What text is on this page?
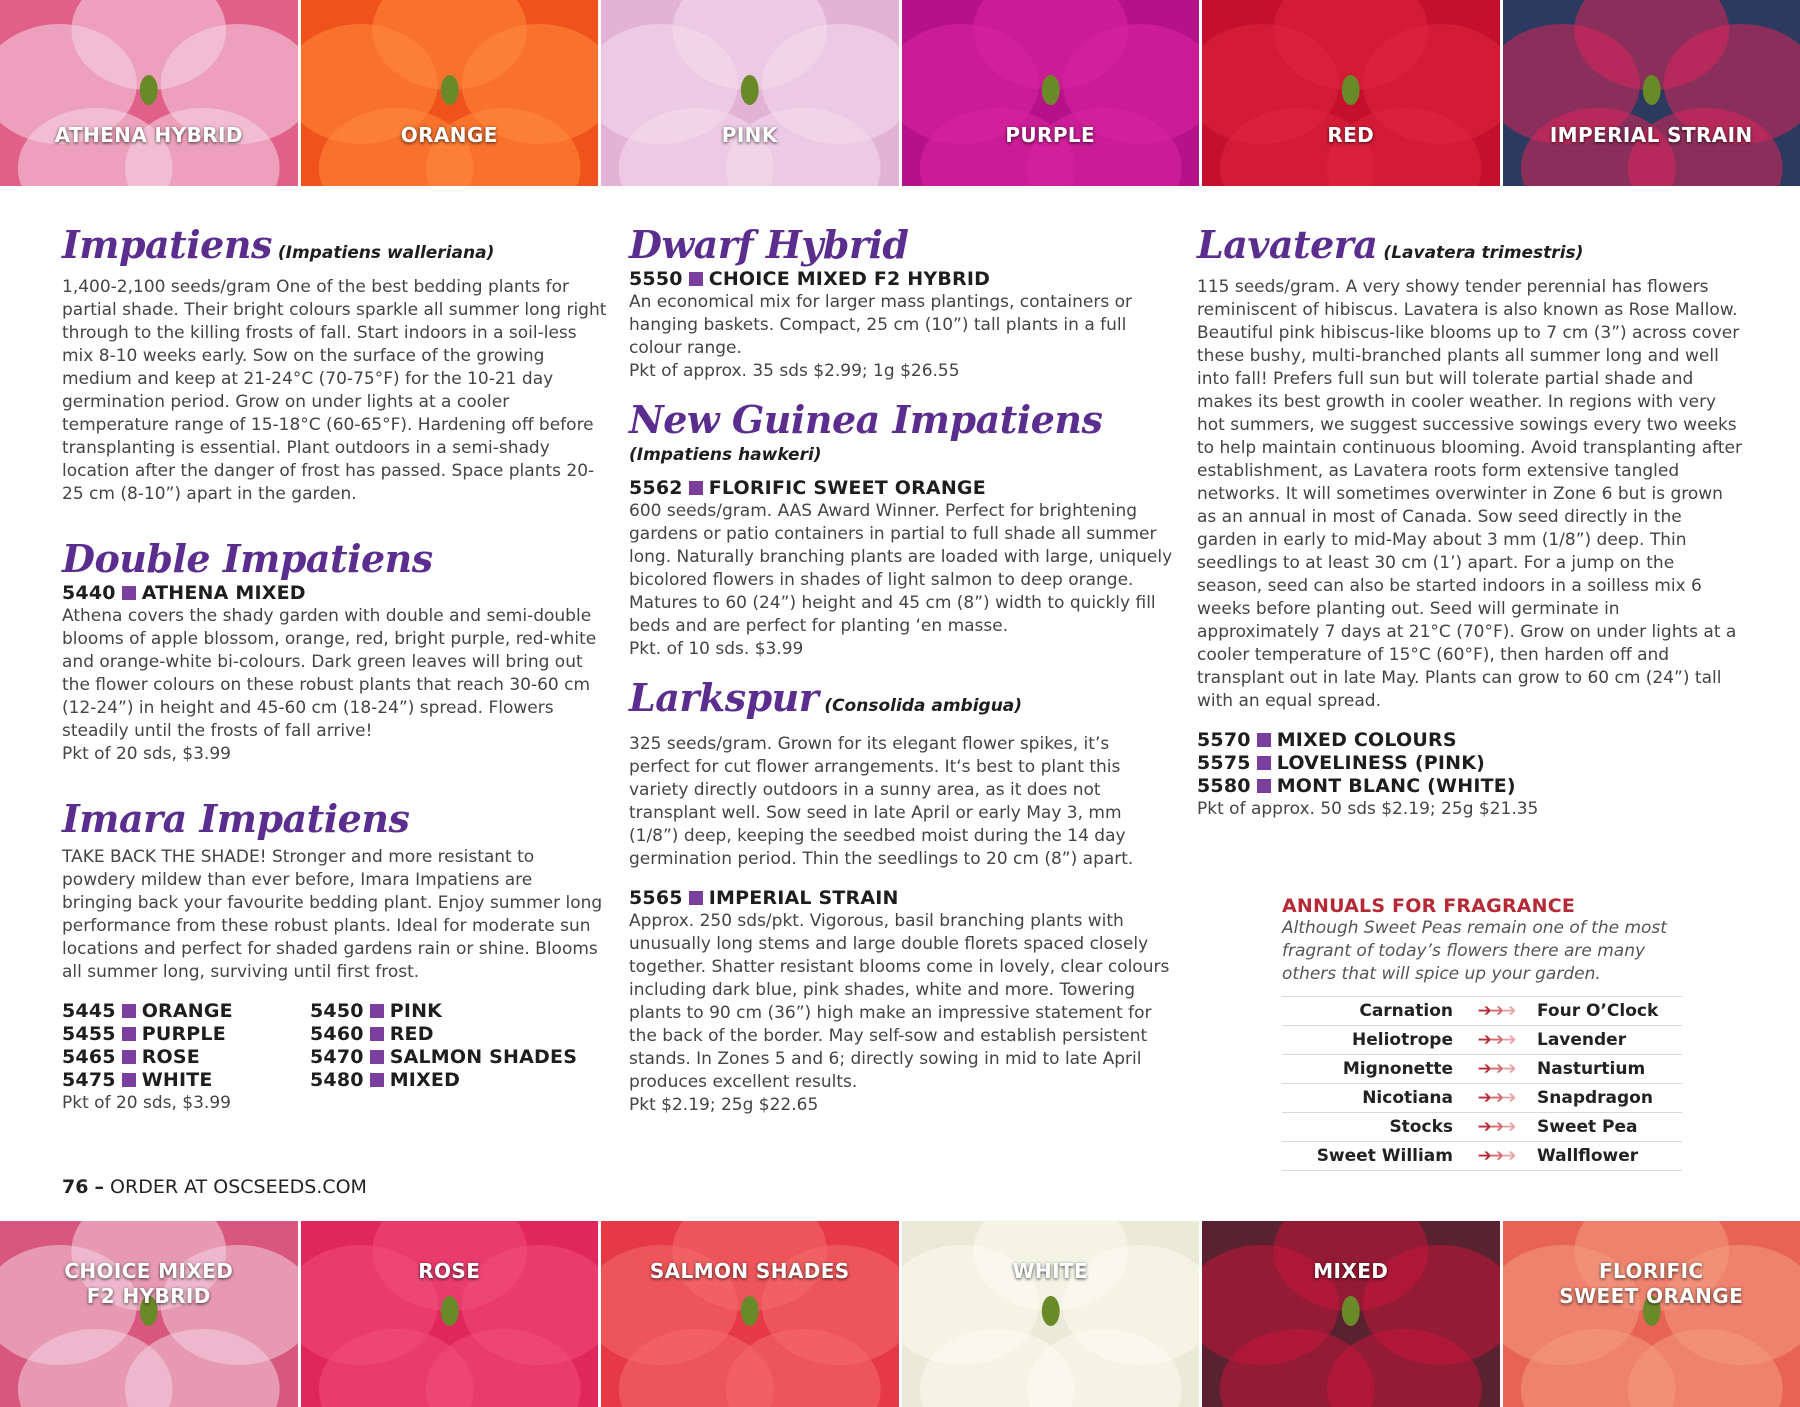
ATHENA HYBRID	ORANGE	PINK	PURPLE	RED	IMPERIAL STRAIN
Impatiens (Impatiens walleriana)

1,400-2,100 seeds/gram One of the best bedding plants for partial shade. Their bright colours sparkle all summer long right through to the killing frosts of fall. Start indoors in a soil-less mix 8-10 weeks early. Sow on the surface of the growing medium and keep at 21-24°C (70-75°F) for the 10-21 day germination period. Grow on under lights at a cooler temperature range of 15-18°C (60-65°F). Hardening off before transplanting is essential. Plant outdoors in a semi-shady location after the danger of frost has passed. Space plants 20-25 cm (8-10”) apart in the garden.

Double Impatiens

5440 ATHENA MIXED

Athena covers the shady garden with double and semi-double blooms of apple blossom, orange, red, bright purple, red-white and orange-white bi-colours. Dark green leaves will bring out the flower colours on these robust plants that reach 30-60 cm (12-24”) in height and 45-60 cm (18-24”) spread. Flowers steadily until the frosts of fall arrive!

Pkt of 20 sds, $3.99

Imara Impatiens

TAKE BACK THE SHADE! Stronger and more resistant to powdery mildew than ever before, Imara Impatiens are bringing back your favourite bedding plant. Enjoy summer long performance from these robust plants. Ideal for moderate sun locations and perfect for shaded gardens rain or shine. Blooms all summer long, surviving until first frost.

5445 ORANGE	5450 PINK

5455 PURPLE	5460 RED

5465 ROSE	5470 SALMON SHADES

5475 WHITE	5480 MIXED

Pkt of 20 sds, $3.99

Dwarf Hybrid

5550 CHOICE MIXED F2 HYBRID

An economical mix for larger mass plantings, containers or hanging baskets. Compact, 25 cm (10”) tall plants in a full colour range.

Pkt of approx. 35 sds $2.99; 1g $26.55

New Guinea Impatiens

(Impatiens hawkeri)

5562 FLORIFIC SWEET ORANGE

600 seeds/gram. AAS Award Winner. Perfect for brightening gardens or patio containers in partial to full shade all summer long. Naturally branching plants are loaded with large, uniquely bicolored flowers in shades of light salmon to deep orange. Matures to 60 (24”) height and 45 cm (8”) width to quickly fill beds and are perfect for planting ‘en masse.

Pkt. of 10 sds. $3.99

Larkspur (Consolida ambigua)

325 seeds/gram. Grown for its elegant flower spikes, it’s perfect for cut flower arrangements. It‘s best to plant this variety directly outdoors in a sunny area, as it does not transplant well. Sow seed in late April or early May 3, mm (1/8”) deep, keeping the seedbed moist during the 14 day germination period. Thin the seedlings to 20 cm (8”) apart.

5565 IMPERIAL STRAIN

Approx. 250 sds/pkt. Vigorous, basil branching plants with unusually long stems and large double florets spaced closely together. Shatter resistant blooms come in lovely, clear colours including dark blue, pink shades, white and more. Towering plants to 90 cm (36”) high make an impressive statement for the back of the border. May self-sow and establish persistent stands. In Zones 5 and 6; directly sowing in mid to late April produces excellent results.

Pkt $2.19; 25g $22.65

Lavatera (Lavatera trimestris)

115 seeds/gram. A very showy tender perennial has flowers reminiscent of hibiscus. Lavatera is also known as Rose Mallow. Beautiful pink hibiscus-like blooms up to 7 cm (3”) across cover these bushy, multi-branched plants all summer long and well into fall! Prefers full sun but will tolerate partial shade and makes its best growth in cooler weather. In regions with very hot summers, we suggest successive sowings every two weeks to help maintain continuous blooming. Avoid transplanting after establishment, as Lavatera roots form extensive tangled networks. It will sometimes overwinter in Zone 6 but is grown as an annual in most of Canada. Sow seed directly in the garden in early to mid-May about 3 mm (1/8”) deep. Thin seedlings to at least 30 cm (1’) apart. For a jump on the season, seed can also be started indoors in a soilless mix 6 weeks before planting out. Seed will germinate in approximately 7 days at 21°C (70°F). Grow on under lights at a cooler temperature of 15°C (60°F), then harden off and transplant out in late May. Plants can grow to 60 cm (24”) tall with an equal spread.

5570 MIXED COLOURS

5575 LOVELINESS (PINK)

5580 MONT BLANC (WHITE)

Pkt of approx. 50 sds $2.19; 25g $21.35

ANNUALS FOR FRAGRANCE

Although Sweet Peas remain one of the most fragrant of today’s flowers there are many others that will spice up your garden.

Carnation	➔➔➔	Four O’Clock
Heliotrope	➔➔➔	Lavender
Mignonette	➔➔➔	Nasturtium
Nicotiana	➔➔➔	Snapdragon
Stocks	➔➔➔	Sweet Pea
Sweet William	➔➔➔	Wallflower
76 – ORDER AT OSCSEEDS.COM
CHOICE MIXED
F2 HYBRID
ROSE	SALMON SHADES	WHITE	MIXED	FLORIFIC
SWEET ORANGE
